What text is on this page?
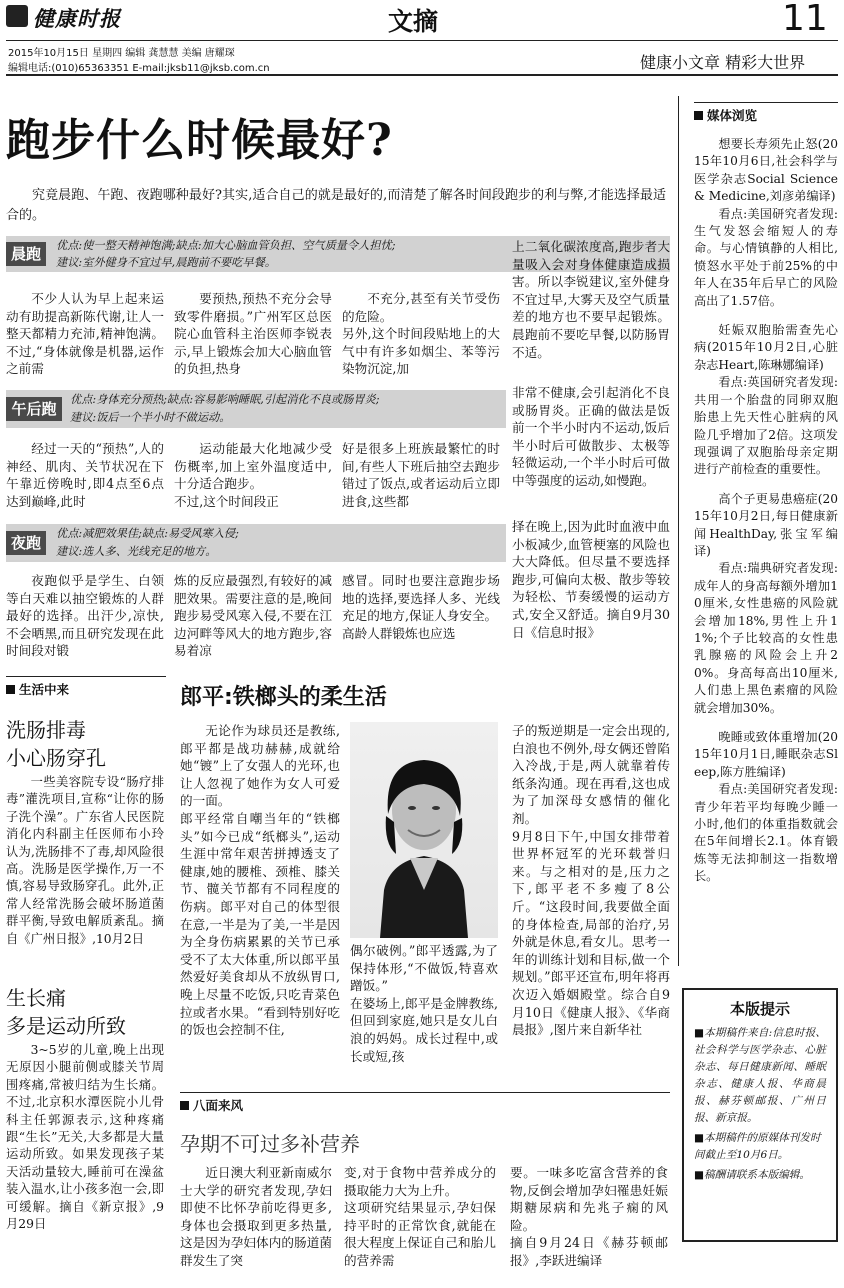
健康时报	文摘	11
2015年10月15日 星期四 编辑 龚慧慧 美编 唐耀琛
编辑电话:(010)65363351 E-mail:jksb11@jksb.com.cn	健康小文章 精彩大世界
跑步什么时候最好?

究竟晨跑、午跑、夜跑哪种最好?其实,适合自己的就是最好的,而清楚了解各时间段跑步的利与弊,才能选择最适合的。

晨跑	优点:使一整天精神饱满;缺点:加大心脑血管负担、空气质量令人担忧;
建议:室外健身不宜过早,晨跑前不要吃早餐。

不少人认为早上起来运动有助提高新陈代谢,让人一整天都精力充沛,精神饱满。不过,“身体就像是机器,运作之前需

要预热,预热不充分会导致零件磨损。”广州军区总医院心血管科主治医师李锐表示,早上锻炼会加大心脑血管的负担,热身

不充分,甚至有关节受伤的危险。
另外,这个时间段贴地上的大气中有许多如烟尘、苯等污染物沉淀,加

上二氧化碳浓度高,跑步者大量吸入会对身体健康造成损害。所以李锐建议,室外健身不宜过早,大雾天及空气质量差的地方也不要早起锻炼。晨跑前不要吃早餐,以防肠胃不适。

午后跑
优点:身体充分预热;缺点:容易影响睡眠,引起消化不良或肠胃炎;
建议:饭后一个半小时不做运动。

经过一天的“预热”,人的神经、肌肉、关节状况在下午靠近傍晚时,即4点至6点达到巅峰,此时

运动能最大化地减少受伤概率,加上室外温度适中,十分适合跑步。
不过,这个时间段正

好是很多上班族最繁忙的时间,有些人下班后抽空去跑步错过了饭点,或者运动后立即进食,这些都

非常不健康,会引起消化不良或肠胃炎。正确的做法是饭前一个半小时内不运动,饭后半小时后可做散步、太极等轻微运动,一个半小时后可做中等强度的运动,如慢跑。

夜跑
优点:减肥效果佳;缺点:易受风寒入侵;
建议:选人多、光线充足的地方。

夜跑似乎是学生、白领等白天难以抽空锻炼的人群最好的选择。出汗少,凉快,不会晒黑,而且研究发现在此时间段对锻

炼的反应最强烈,有较好的减肥效果。需要注意的是,晚间跑步易受风寒入侵,不要在江边河畔等风大的地方跑步,容易着凉

感冒。同时也要注意跑步场地的选择,要选择人多、光线充足的地方,保证人身安全。
高龄人群锻炼也应选

择在晚上,因为此时血液中血小板减少,血管梗塞的风险也大大降低。但尽量不要选择跑步,可偏向太极、散步等较为轻松、节奏缓慢的运动方式,安全又舒适。摘自9月30日《信息时报》

生活中来
洗肠排毒
小心肠穿孔

一些美容院专设“肠疗排毒”灌洗项目,宣称“让你的肠子洗个澡”。广东省人民医院消化内科副主任医师布小玲认为,洗肠排不了毒,却风险很高。洗肠是医学操作,万一不慎,容易导致肠穿孔。此外,正常人经常洗肠会破坏肠道菌群平衡,导致电解质紊乱。摘自《广州日报》,10月2日

生长痛
多是运动所致

3~5岁的儿童,晚上出现无原因小腿前侧或膝关节周围疼痛,常被归结为生长痛。不过,北京积水潭医院小儿骨科主任郭源表示,这种疼痛跟“生长”无关,大多都是大量运动所致。如果发现孩子某天活动量较大,睡前可在澡盆装入温水,让小孩多泡一会,即可缓解。摘自《新京报》,9月29日

郎平:铁榔头的柔生活

无论作为球员还是教练,郎平都是战功赫赫,成就给她“镀”上了女强人的光环,也让人忽视了她作为女人可爱的一面。
郎平经常自嘲当年的“铁榔头”如今已成“纸榔头”,运动生涯中常年艰苦拼搏透支了健康,她的腰椎、颈椎、膝关节、髋关节都有不同程度的伤病。郎平对自己的体型很在意,一半是为了美,一半是因为全身伤病累累的关节已承受不了太大体重,所以郎平虽然爱好美食却从不放纵胃口,晚上尽量不吃饭,只吃青菜色拉或者水果。“看到特别好吃的饭也会控制不住,

偶尔破例。”郎平透露,为了保持体形,“不做饭,特喜欢蹭饭。”
在婆场上,郎平是金牌教练,但回到家庭,她只是女儿白浪的妈妈。成长过程中,或长或短,孩

子的叛逆期是一定会出现的,白浪也不例外,母女俩还曾陷入冷战,于是,两人就靠着传纸条沟通。现在再看,这也成为了加深母女感情的催化剂。
9月8日下午,中国女排带着世界杯冠军的光环载誉归来。与之相对的是,压力之下,郎平老不多瘦了8公斤。“这段时间,我要做全面的身体检查,局部的治疗,另外就是休息,看女儿。思考一年的训练计划和目标,做一个规划。”郎平还宣布,明年将再次迈入婚姻殿堂。综合自9月10日《健康人报》、《华商晨报》,图片来自新华社

八面来风
孕期不可过多补营养

近日澳大利亚新南威尔士大学的研究者发现,孕妇即使不比怀孕前吃得更多,身体也会摄取到更多热量,这是因为孕妇体内的肠道菌群发生了突

变,对于食物中营养成分的摄取能力大为上升。
这项研究结果显示,孕妇保持平时的正常饮食,就能在很大程度上保证自己和胎儿的营养需

要。一味多吃富含营养的食物,反倒会增加孕妇罹患妊娠期糖尿病和先兆子痫的风险。
摘自9月24日《赫芬顿邮报》,李跃进编译

媒体浏览

想要长寿须先止怒(2015年10月6日,社会科学与医学杂志Social Science & Medicine,刘彦弟编译)

看点:美国研究者发现:生气发怒会缩短人的寿命。与心情镇静的人相比,愤怒水平处于前25%的中年人在35年后早亡的风险高出了1.57倍。

妊娠双胞胎需查先心病(2015年10月2日,心脏杂志Heart,陈琳娜编译)

看点:英国研究者发现:共用一个胎盘的同卵双胞胎患上先天性心脏病的风险几乎增加了2倍。这项发现强调了双胞胎母亲定期进行产前检查的重要性。

高个子更易患癌症(2015年10月2日,每日健康新闻HealthDay,张宝军编译)

看点:瑞典研究者发现:成年人的身高每额外增加10厘米,女性患癌的风险就会增加18%,男性上升11%;个子比较高的女性患乳腺癌的风险会上升20%。身高每高出10厘米,人们患上黑色素瘤的风险就会增加30%。

晚睡或致体重增加(2015年10月1日,睡眠杂志Sleep,陈方胜编译)

看点:美国研究者发现:青少年若平均每晚少睡一小时,他们的体重指数就会在5年间增长2.1。体育锻炼等无法抑制这一指数增长。

本版提示
■本期稿件来自:信息时报、社会科学与医学杂志、心脏杂志、每日健康新闻、睡眠杂志、健康人报、华商晨报、赫芬顿邮报、广州日报、新京报。
■本期稿件的原媒体刊发时间截止至10月6日。
■稿酬请联系本版编辑。
